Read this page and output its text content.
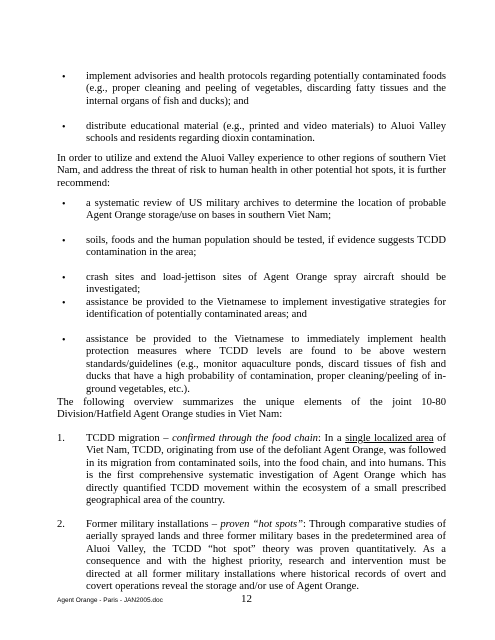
• implement advisories and health protocols regarding potentially contaminated foods (e.g., proper cleaning and peeling of vegetables, discarding fatty tissues and the internal organs of fish and ducks); and
• distribute educational material (e.g., printed and video materials) to Aluoi Valley schools and residents regarding dioxin contamination.
In order to utilize and extend the Aluoi Valley experience to other regions of southern Viet Nam, and address the threat of risk to human health in other potential hot spots, it is further recommend:
• a systematic review of US military archives to determine the location of probable Agent Orange storage/use on bases in southern Viet Nam;
• soils, foods and the human population should be tested, if evidence suggests TCDD contamination in the area;
• crash sites and load-jettison sites of Agent Orange spray aircraft should be investigated;
• assistance be provided to the Vietnamese to implement investigative strategies for identification of potentially contaminated areas; and
• assistance be provided to the Vietnamese to immediately implement health protection measures where TCDD levels are found to be above western standards/guidelines (e.g., monitor aquaculture ponds, discard tissues of fish and ducks that have a high probability of contamination, proper cleaning/peeling of in-ground vegetables, etc.).
The following overview summarizes the unique elements of the joint 10-80 Division/Hatfield Agent Orange studies in Viet Nam:
1. TCDD migration – confirmed through the food chain: In a single localized area of Viet Nam, TCDD, originating from use of the defoliant Agent Orange, was followed in its migration from contaminated soils, into the food chain, and into humans. This is the first comprehensive systematic investigation of Agent Orange which has directly quantified TCDD movement within the ecosystem of a small prescribed geographical area of the country.
2. Former military installations – proven “hot spots”: Through comparative studies of aerially sprayed lands and three former military bases in the predetermined area of Aluoi Valley, the TCDD “hot spot” theory was proven quantitatively. As a consequence and with the highest priority, research and intervention must be directed at all former military installations where historical records of overt and covert operations reveal the storage and/or use of Agent Orange.
Agent Orange - Paris - JAN2005.doc	12
